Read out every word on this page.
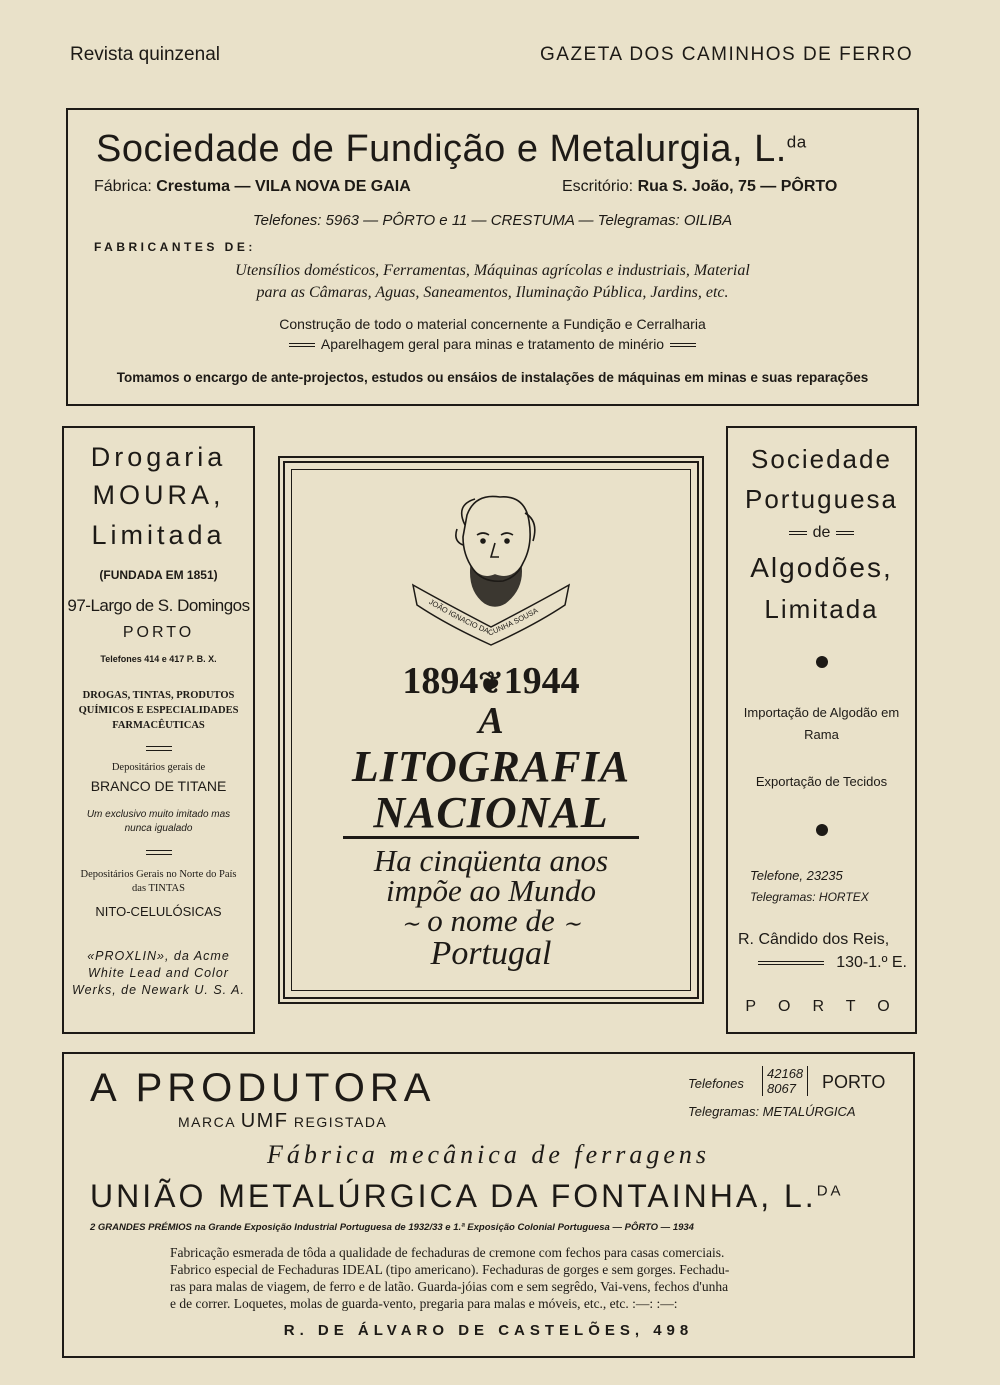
Revista quinzenal	GAZETA DOS CAMINHOS DE FERRO
Sociedade de Fundição e Metalurgia, L.$^{da}$
Fábrica: Crestuma — VILA NOVA DE GAIA	Escritório: Rua S. João, 75 — PÔRTO
Telefones: 5963 — PÔRTO e 11 — CRESTUMA — Telegramas: OILIBA
FABRICANTES DE:
Utensílios domésticos, Ferramentas, Máquinas agrícolas e industriais, Material
para as Câmaras, Aguas, Saneamentos, Iluminação Pública, Jardins, etc.
Construção de todo o material concernente a Fundição e Cerralharia
Aparelhagem geral para minas e tratamento de minério
Tomamos o encargo de ante-projectos, estudos ou ensáios de instalações de máquinas em minas e suas reparações
Drogaria
MOURA,
Limitada
(FUNDADA EM 1851)
97-Largo de S. Domingos
PORTO
Telefones 414 e 417 P. B. X.
DROGAS, TINTAS, PRODUTOS QUÍMICOS E ESPECIALIDADES FARMACÊUTICAS
Depositários gerais de
BRANCO DE TITANE
Um exclusivo muito imitado mas nunca igualado
Depositários Gerais no Norte do País das TINTAS
NITO-CELULÓSICAS
«PROXLIN», da Acme White Lead and Color Werks, de Newark U. S. A.
JOÃO IGNACIO DA CUNHA SOUSA
1894❦1944
A
LITOGRAFIA
NACIONAL
Ha cinqüenta anos
impõe ao Mundo
∼ o nome de ∼
Portugal
Sociedade
Portuguesa
de
Algodões,
Limitada
Importação de Algodão em Rama
Exportação de Tecidos
Telefone, 23235
Telegramas: HORTEX
R. Cândido dos Reis,
130-1.º E.
PORTO
A PRODUTORA
MARCA UMF REGISTADA
Telefones
42168
8067	PORTO
Telegramas: METALÚRGICA
Fábrica mecânica de ferragens
UNIÃO METALÚRGICA DA FONTAINHA, L.$^{DA}$
2 GRANDES PRÉMIOS na Grande Exposição Industrial Portuguesa de 1932/33 e 1.ª Exposição Colonial Portuguesa — PÔRTO — 1934
Fabricação esmerada de tôda a qualidade de fechaduras de cremone com fechos para casas comerciais.
Fabrico especial de Fechaduras IDEAL (tipo americano). Fechaduras de gorges e sem gorges. Fechadu-
ras para malas de viagem, de ferro e de latão. Guarda-jóias com e sem segrêdo, Vai-vens, fechos d'unha
e de correr. Loquetes, molas de guarda-vento, pregaria para malas e móveis, etc., etc. :—: :—:
R. DE ÁLVARO DE CASTELÕES, 498
